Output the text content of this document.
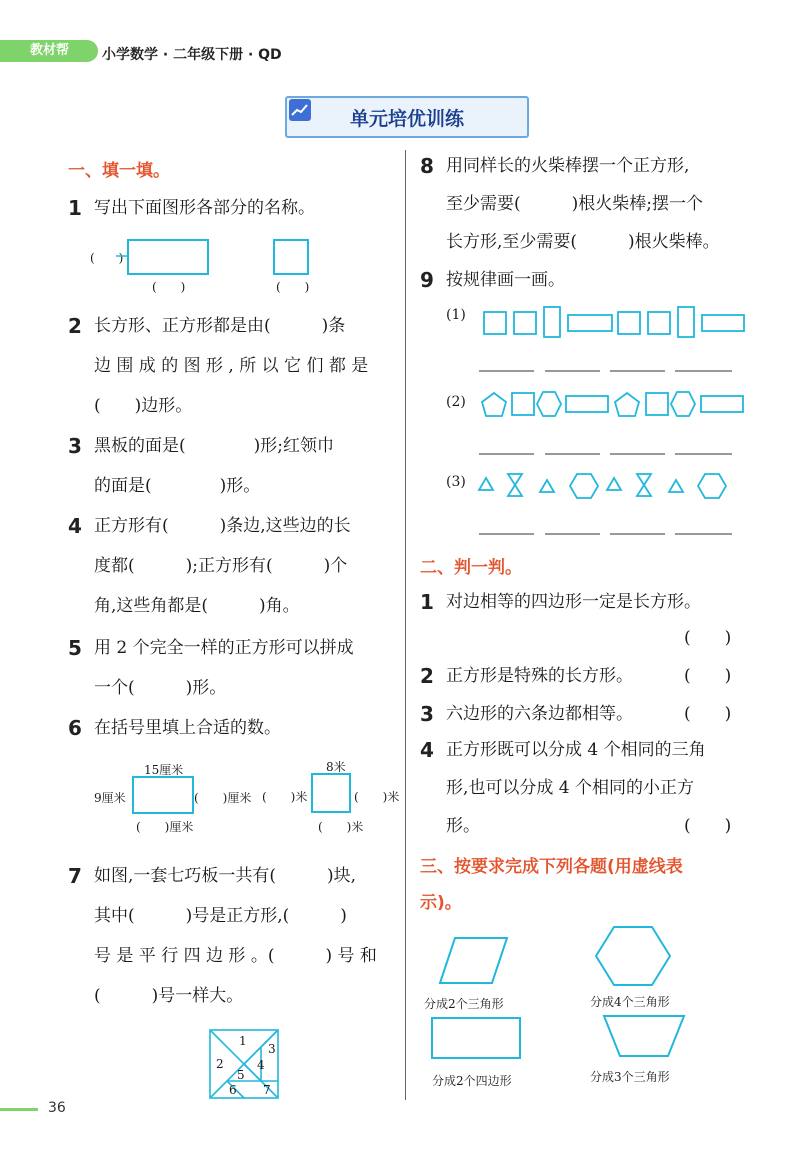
教材帮	小学数学 · 二年级下册 · QD
单元培优训练
一、填一填。
1 写出下面图形各部分的名称。
(　　)
(　　)	(　　)
2 长方形、正方形都是由(　　　)条
边 围 成 的 图 形 , 所 以 它 们 都 是
(　　)边形。
3 黑板的面是(　　　　)形;红领巾
的面是(　　　　)形。
4 正方形有(　　　)条边,这些边的长
度都(　　　);正方形有(　　　)个
角,这些角都是(　　　)角。
5 用 2 个完全一样的正方形可以拼成
一个(　　　)形。
6 在括号里填上合适的数。
15厘米
9厘米	(　　)厘米
(　　)厘米
8米
(　　)米	(　　)米
(　　)米
7 如图,一套七巧板一共有(　　　)块,
其中(　　　)号是正方形,(　　　)
号 是 平 行 四 边 形 。(　　　) 号 和
(　　　)号一样大。
1
2
3
4
5
6 7
8 用同样长的火柴棒摆一个正方形,
至少需要(　　　)根火柴棒;摆一个
长方形,至少需要(　　　)根火柴棒。
9 按规律画一画。
(1)
(2)
(3)
二、判一判。
1 对边相等的四边形一定是长方形。
(　　)
2 正方形是特殊的长方形。	(　　)
3 六边形的六条边都相等。	(　　)
4 正方形既可以分成 4 个相同的三角
形,也可以分成 4 个相同的小正方
形。	(　　)
三、按要求完成下列各题(用虚线表
示)。
分成2个三角形	分成4个三角形
分成2个四边形	分成3个三角形
36
